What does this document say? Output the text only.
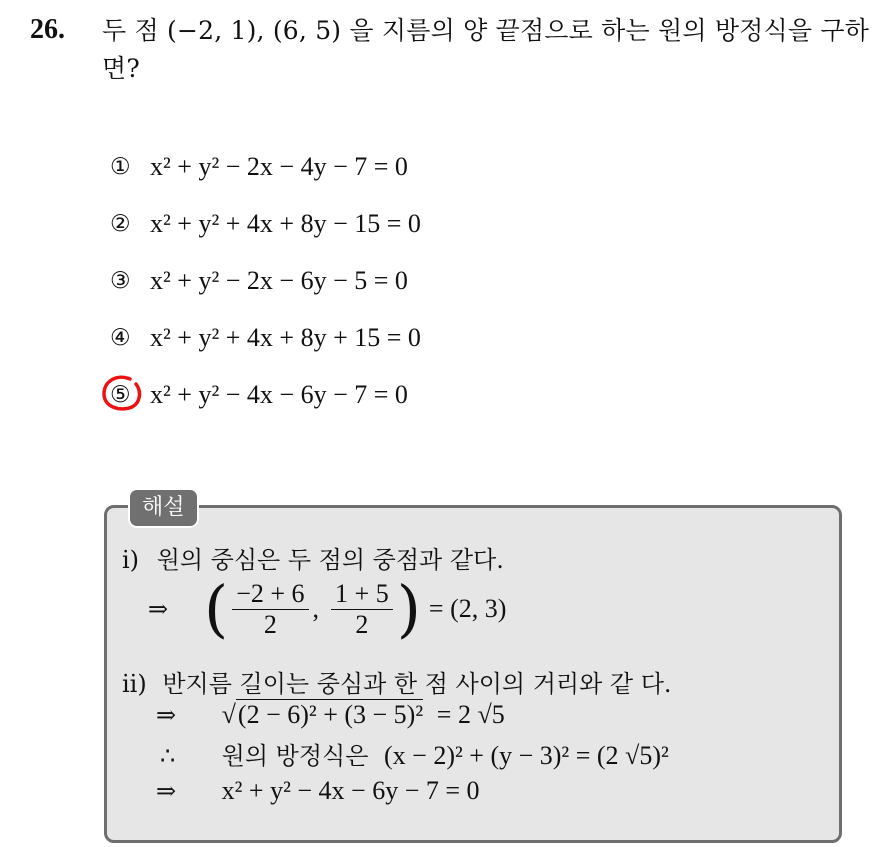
26. 두 점 (−2, 1), (6, 5) 을 지름의 양 끝점으로 하는 원의 방정식을 구하면?
① x² + y² − 2x − 4y − 7 = 0
② x² + y² + 4x + 8y − 15 = 0
③ x² + y² − 2x − 6y − 5 = 0
④ x² + y² + 4x + 8y + 15 = 0
⑤ x² + y² − 4x − 6y − 7 = 0
해설
i) 원의 중심은 두 점의 중점과 같다.
⇒ ( $\frac{-2 + 6}{2}$ , $\frac{1 + 5}{2}$ ) = (2, 3)
ii) 반지름 길이는 중심과 한 점 사이의 거리와 같 다.
⇒ √(2 − 6)² + (3 − 5)² = 2 √5
∴ 원의 방정식은 (x − 2)² + (y − 3)² = (2 √5)²
⇒ x² + y² − 4x − 6y − 7 = 0
